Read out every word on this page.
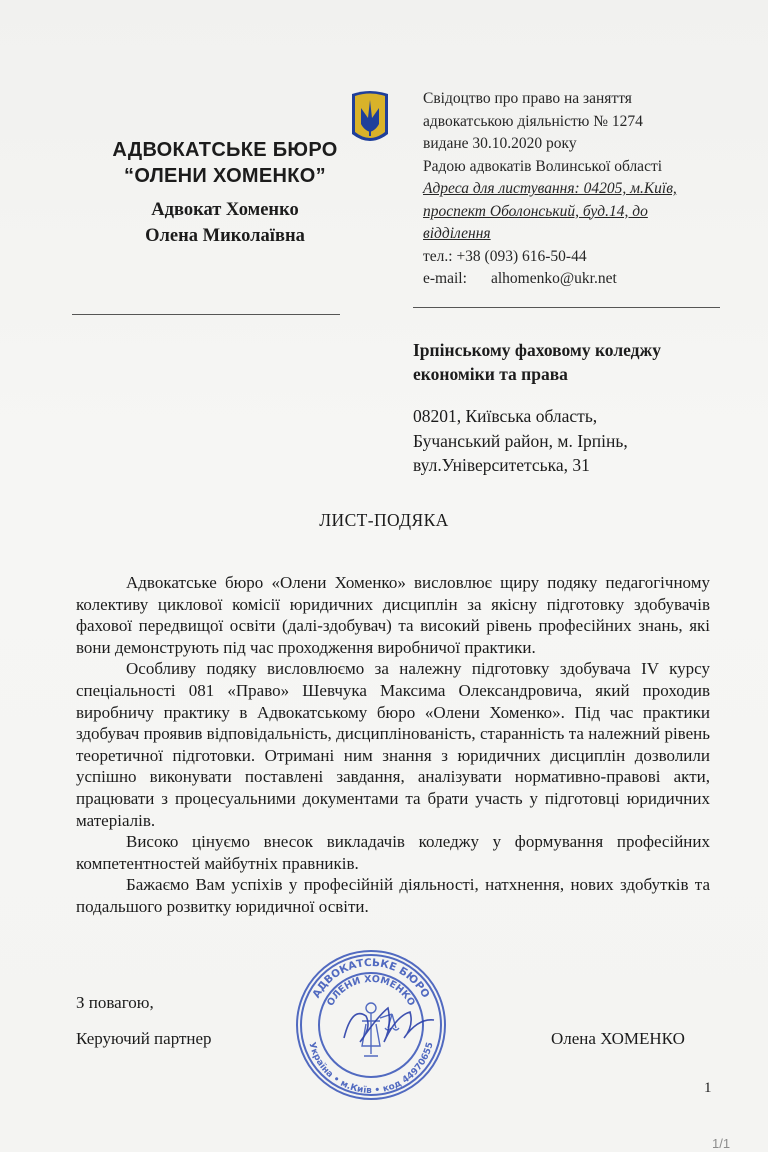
АДВОКАТСЬКЕ БЮРО
“ОЛЕНИ ХОМЕНКО”
Адвокат Хоменко
Олена Миколаївна
Свідоцтво про право на заняття
адвокатською діяльністю № 1274
видане 30.10.2020 року
Радою адвокатів Волинської області
Адреса для листування: 04205, м.Київ,
проспект Оболонський, буд.14, до
відділення
тел.: +38 (093) 616-50-44
e-mail: alhomenko@ukr.net
Ірпінському фаховому коледжу
економіки та права
08201, Київська область,
Бучанський район, м. Ірпінь,
вул.Університетська, 31
ЛИСТ-ПОДЯКА

Адвокатське бюро «Олени Хоменко» висловлює щиру подяку педагогічному колективу циклової комісії юридичних дисциплін за якісну підготовку здобувачів фахової передвищої освіти (далі-здобувач) та високий рівень професійних знань, які вони демонструють під час проходження виробничої практики.

Особливу подяку висловлюємо за належну підготовку здобувача IV курсу спеціальності 081 «Право» Шевчука Максима Олександровича, який проходив виробничу практику в Адвокатському бюро «Олени Хоменко». Під час практики здобувач проявив відповідальність, дисциплінованість, старанність та належний рівень теоретичної підготовки. Отримані ним знання з юридичних дисциплін дозволили успішно виконувати поставлені завдання, аналізувати нормативно-правові акти, працювати з процесуальними документами та брати участь у підготовці юридичних матеріалів.

Високо цінуємо внесок викладачів коледжу у формування професійних компетентностей майбутніх правників.

Бажаємо Вам успіхів у професійній діяльності, натхнення, нових здобутків та подальшого розвитку юридичної освіти.

З повагою,
Керуючий партнер	Олена ХОМЕНКО
АДВОКАТСЬКЕ БЮРО
ОЛЕНИ ХОМЕНКО
Україна • м.Київ • код 44970655
1
1/1
